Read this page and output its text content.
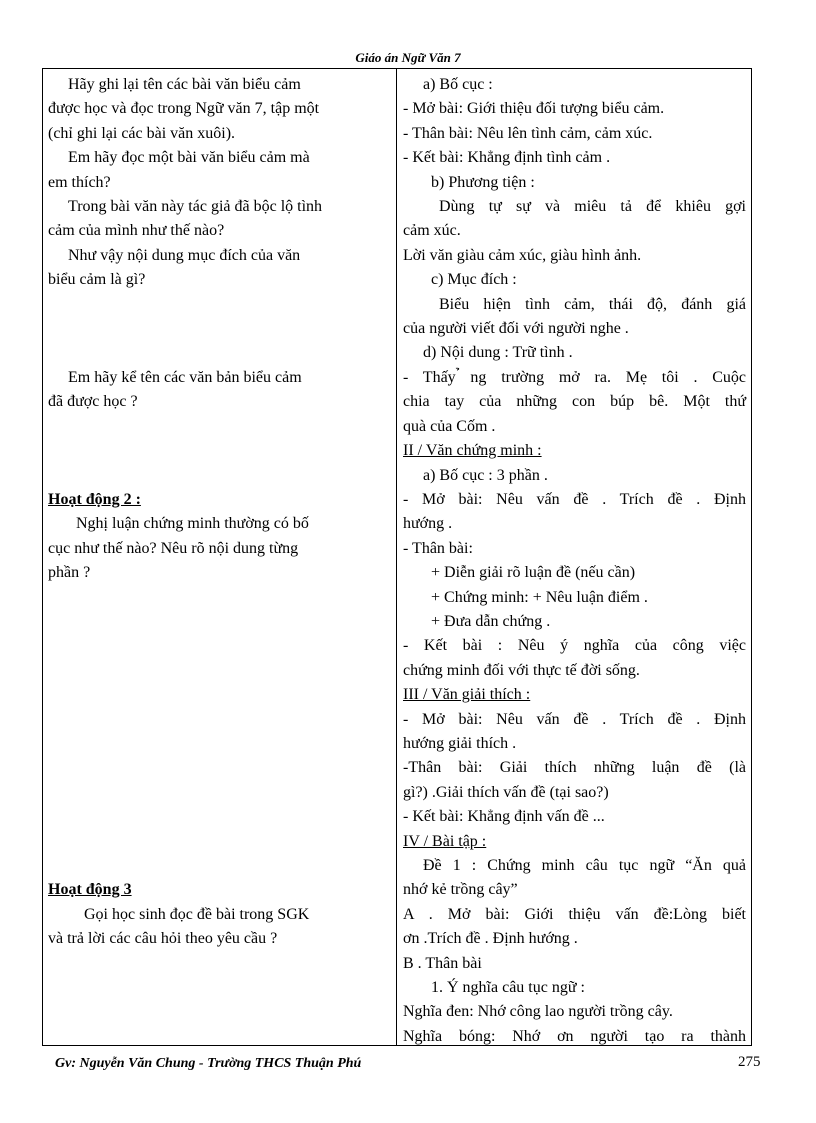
Giáo án Ngữ Văn 7
Hãy ghi lại tên các bài văn biểu cảm
được học và đọc trong Ngữ văn 7, tập một
(chỉ ghi lại các bài văn xuôi).
Em hãy đọc một bài văn biểu cảm mà
em thích?
Trong bài văn này tác giả đã bộc lộ tình
cảm của mình như thế nào?
Như vậy nội dung mục đích của văn
biểu cảm là gì?
Em hãy kể tên các văn bản biểu cảm
đã được học ?
Hoạt động 2 :
Nghị luận chứng minh thường có bố
cục như thế nào? Nêu rõ nội dung từng
phần ?
Hoạt động 3
Gọi học sinh đọc đề bài trong SGK
và trả lời các câu hỏi theo yêu cầu ?
a) Bố cục :
- Mở bài: Giới thiệu đối tượng biểu cảm.
- Thân bài: Nêu lên tình cảm, cảm xúc.
- Kết bài: Khẳng định tình cảm .
b) Phương tiện :
Dùng tự sự và miêu tả để khiêu gợi
cảm xúc.
Lời văn giàu cảm xúc, giàu hình ảnh.
c) Mục đích :
Biểu hiện tình cảm, thái độ, đánh giá
của người viết đối với người nghe .
d) Nội dung : Trữ tình .
- Thấy ̉ng trường mở ra. Mẹ tôi . Cuộc
chia tay của những con búp bê. Một thứ
quà của Cốm .
II / Văn chứng minh :
a) Bố cục : 3 phần .
- Mở bài: Nêu vấn đề . Trích đề . Định
hướng .
- Thân bài:
+ Diễn giải rõ luận đề (nếu cần)
+ Chứng minh: + Nêu luận điểm .
+ Đưa dẫn chứng .
- Kết bài : Nêu ý nghĩa của công việc
chứng minh đối với thực tế đời sống.
III / Văn giải thích :
- Mở bài: Nêu vấn đề . Trích đề . Định
hướng giải thích .
-Thân bài: Giải thích những luận đề (là
gì?) .Giải thích vấn đề (tại sao?)
- Kết bài: Khẳng định vấn đề ...
IV / Bài tập :
Đề 1 : Chứng minh câu tục ngữ “Ăn quả
nhớ kẻ trồng cây”
A . Mở bài: Giới thiệu vấn đề:Lòng biết
ơn .Trích đề . Định hướng .
B . Thân bài
1. Ý nghĩa câu tục ngữ :
Nghĩa đen: Nhớ công lao người trồng cây.
Nghĩa bóng: Nhớ ơn người tạo ra thành
Gv: Nguyễn Văn Chung - Trường THCS Thuận Phú	275
